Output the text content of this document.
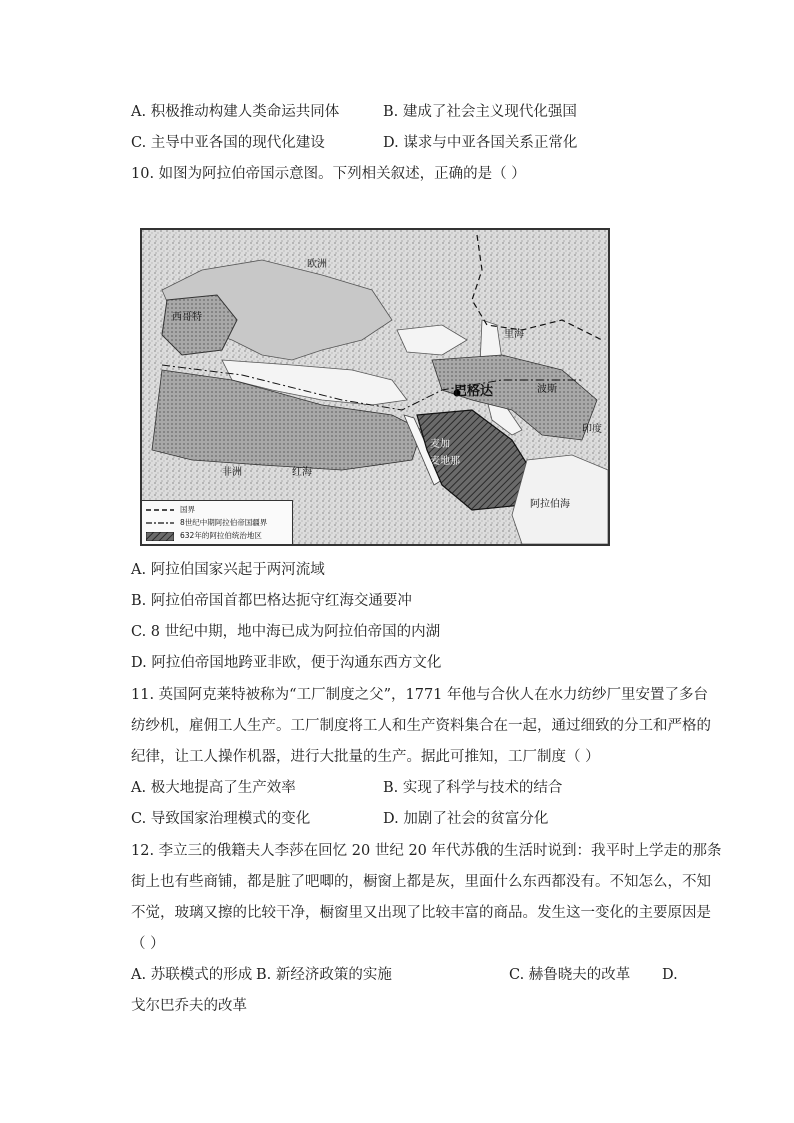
A. 积极推动构建人类命运共同体	B. 建成了社会主义现代化强国
C. 主导中亚各国的现代化建设	D. 谋求与中亚各国关系正常化
10. 如图为阿拉伯帝国示意图。下列相关叙述，正确的是（ ）
欧洲
西哥特
巴格达
麦加
麦地那
非洲	红海
波斯
印度
阿拉伯海
里海
国界
8世纪中期阿拉伯帝国疆界
632年的阿拉伯统治地区
A. 阿拉伯国家兴起于两河流域
B. 阿拉伯帝国首都巴格达扼守红海交通要冲
C. 8 世纪中期，地中海已成为阿拉伯帝国的内湖
D. 阿拉伯帝国地跨亚非欧，便于沟通东西方文化
11. 英国阿克莱特被称为“工厂制度之父”，1771 年他与合伙人在水力纺纱厂里安置了多台
纺纱机，雇佣工人生产。工厂制度将工人和生产资料集合在一起，通过细致的分工和严格的
纪律，让工人操作机器，进行大批量的生产。据此可推知，工厂制度（ ）
A. 极大地提高了生产效率	B. 实现了科学与技术的结合
C. 导致国家治理模式的变化	D. 加剧了社会的贫富分化
12. 李立三的俄籍夫人李莎在回忆 20 世纪 20 年代苏俄的生活时说到：我平时上学走的那条
街上也有些商铺，都是脏了吧唧的，橱窗上都是灰，里面什么东西都没有。不知怎么，不知
不觉，玻璃又擦的比较干净，橱窗里又出现了比较丰富的商品。发生这一变化的主要原因是
（ ）
A. 苏联模式的形成 B. 新经济政策的实施	C. 赫鲁晓夫的改革 D.
戈尔巴乔夫的改革
